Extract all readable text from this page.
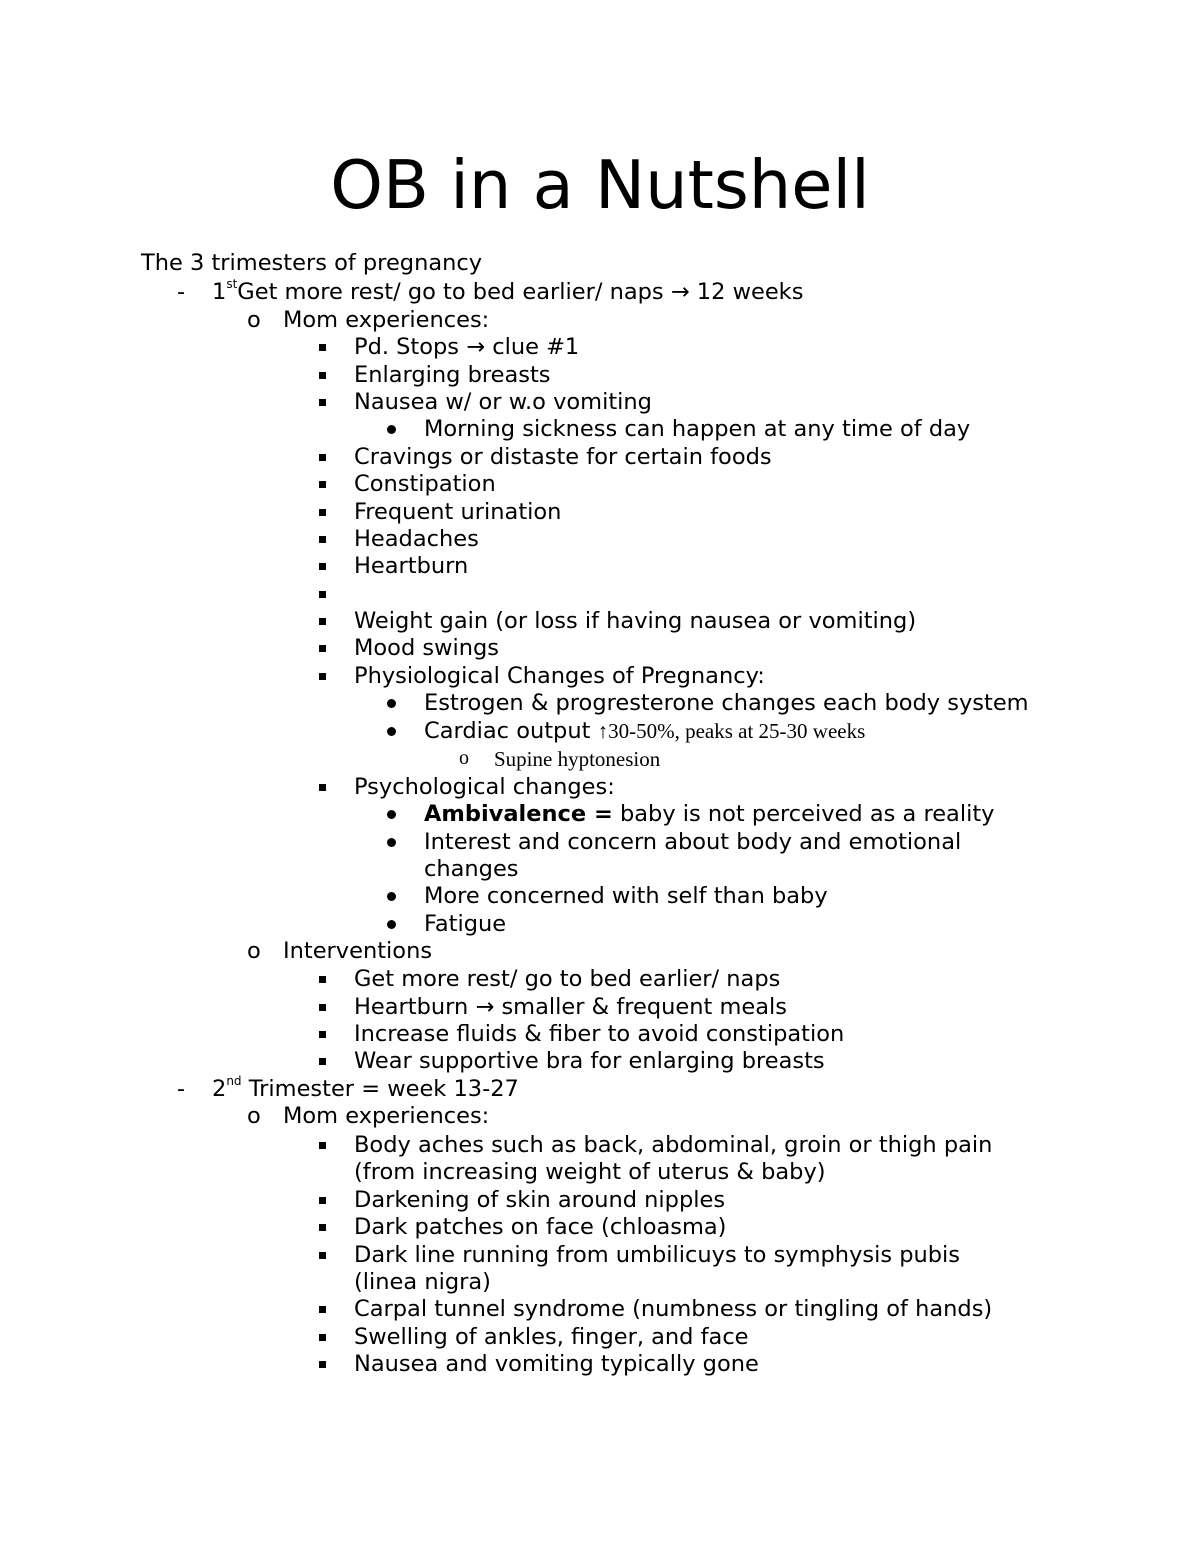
OB in a Nutshell
The 3 trimesters of pregnancy
- 1stGet more rest/ go to bed earlier/ naps → 12 weeks
o Mom experiences:
Pd. Stops → clue #1
Enlarging breasts
Nausea w/ or w.o vomiting
Morning sickness can happen at any time of day
Cravings or distaste for certain foods
Constipation
Frequent urination
Headaches
Heartburn
Weight gain (or loss if having nausea or vomiting)
Mood swings
Physiological Changes of Pregnancy:
Estrogen & progresterone changes each body system
Cardiac output ↑30-50%, peaks at 25-30 weeks
o Supine hyptonesion
Psychological changes:
Ambivalence = baby is not perceived as a reality
Interest and concern about body and emotional
changes
More concerned with self than baby
Fatigue
o Interventions
Get more rest/ go to bed earlier/ naps
Heartburn → smaller & frequent meals
Increase fluids & fiber to avoid constipation
Wear supportive bra for enlarging breasts
- 2nd Trimester = week 13-27
o Mom experiences:
Body aches such as back, abdominal, groin or thigh pain
(from increasing weight of uterus & baby)
Darkening of skin around nipples
Dark patches on face (chloasma)
Dark line running from umbilicuys to symphysis pubis
(linea nigra)
Carpal tunnel syndrome (numbness or tingling of hands)
Swelling of ankles, finger, and face
Nausea and vomiting typically gone
